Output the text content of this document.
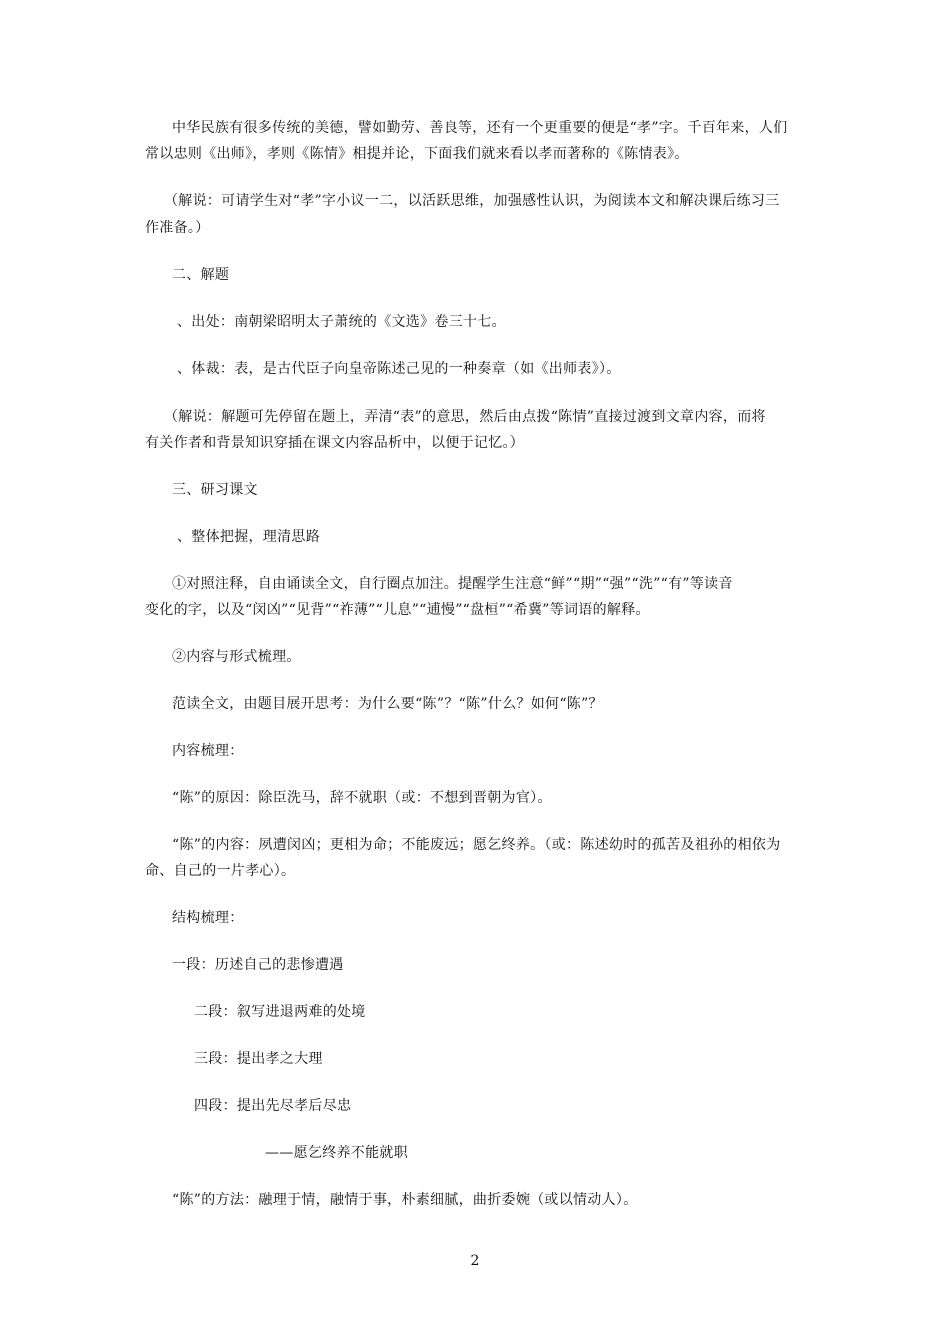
中华民族有很多传统的美德，譬如勤劳、善良等，还有一个更重要的便是“孝”字。千百年来，人们
常以忠则《出师》，孝则《陈情》相提并论，下面我们就来看以孝而著称的《陈情表》。
（解说：可请学生对“孝”字小议一二，以活跃思维，加强感性认识，为阅读本文和解决课后练习三
作准备。）
二、解题
、出处：南朝梁昭明太子萧统的《文选》卷三十七。
、体裁：表，是古代臣子向皇帝陈述己见的一种奏章（如《出师表》）。
（解说：解题可先停留在题上，弄清“表”的意思，然后由点拨“陈情”直接过渡到文章内容，而将
有关作者和背景知识穿插在课文内容品析中，以便于记忆。）
三、研习课文
、整体把握，理清思路
①对照注释，自由诵读全文，自行圈点加注。提醒学生注意“鲜”“期”“强”“洗”“有”等读音
变化的字，以及“闵凶”“见背”“祚薄”“儿息”“逋慢”“盘桓”“希冀”等词语的解释。
②内容与形式梳理。
范读全文，由题目展开思考：为什么要“陈”？“陈”什么？如何“陈”？
内容梳理：
“陈”的原因：除臣洗马，辞不就职（或：不想到晋朝为官）。
“陈”的内容：夙遭闵凶；更相为命；不能废远；愿乞终养。（或：陈述幼时的孤苦及祖孙的相依为
命、自己的一片孝心）。
结构梳理：
一段：历述自己的悲惨遭遇
二段：叙写进退两难的处境
三段：提出孝之大理
四段：提出先尽孝后尽忠
——愿乞终养不能就职
“陈”的方法：融理于情，融情于事，朴素细腻，曲折委婉（或以情动人）。
2
